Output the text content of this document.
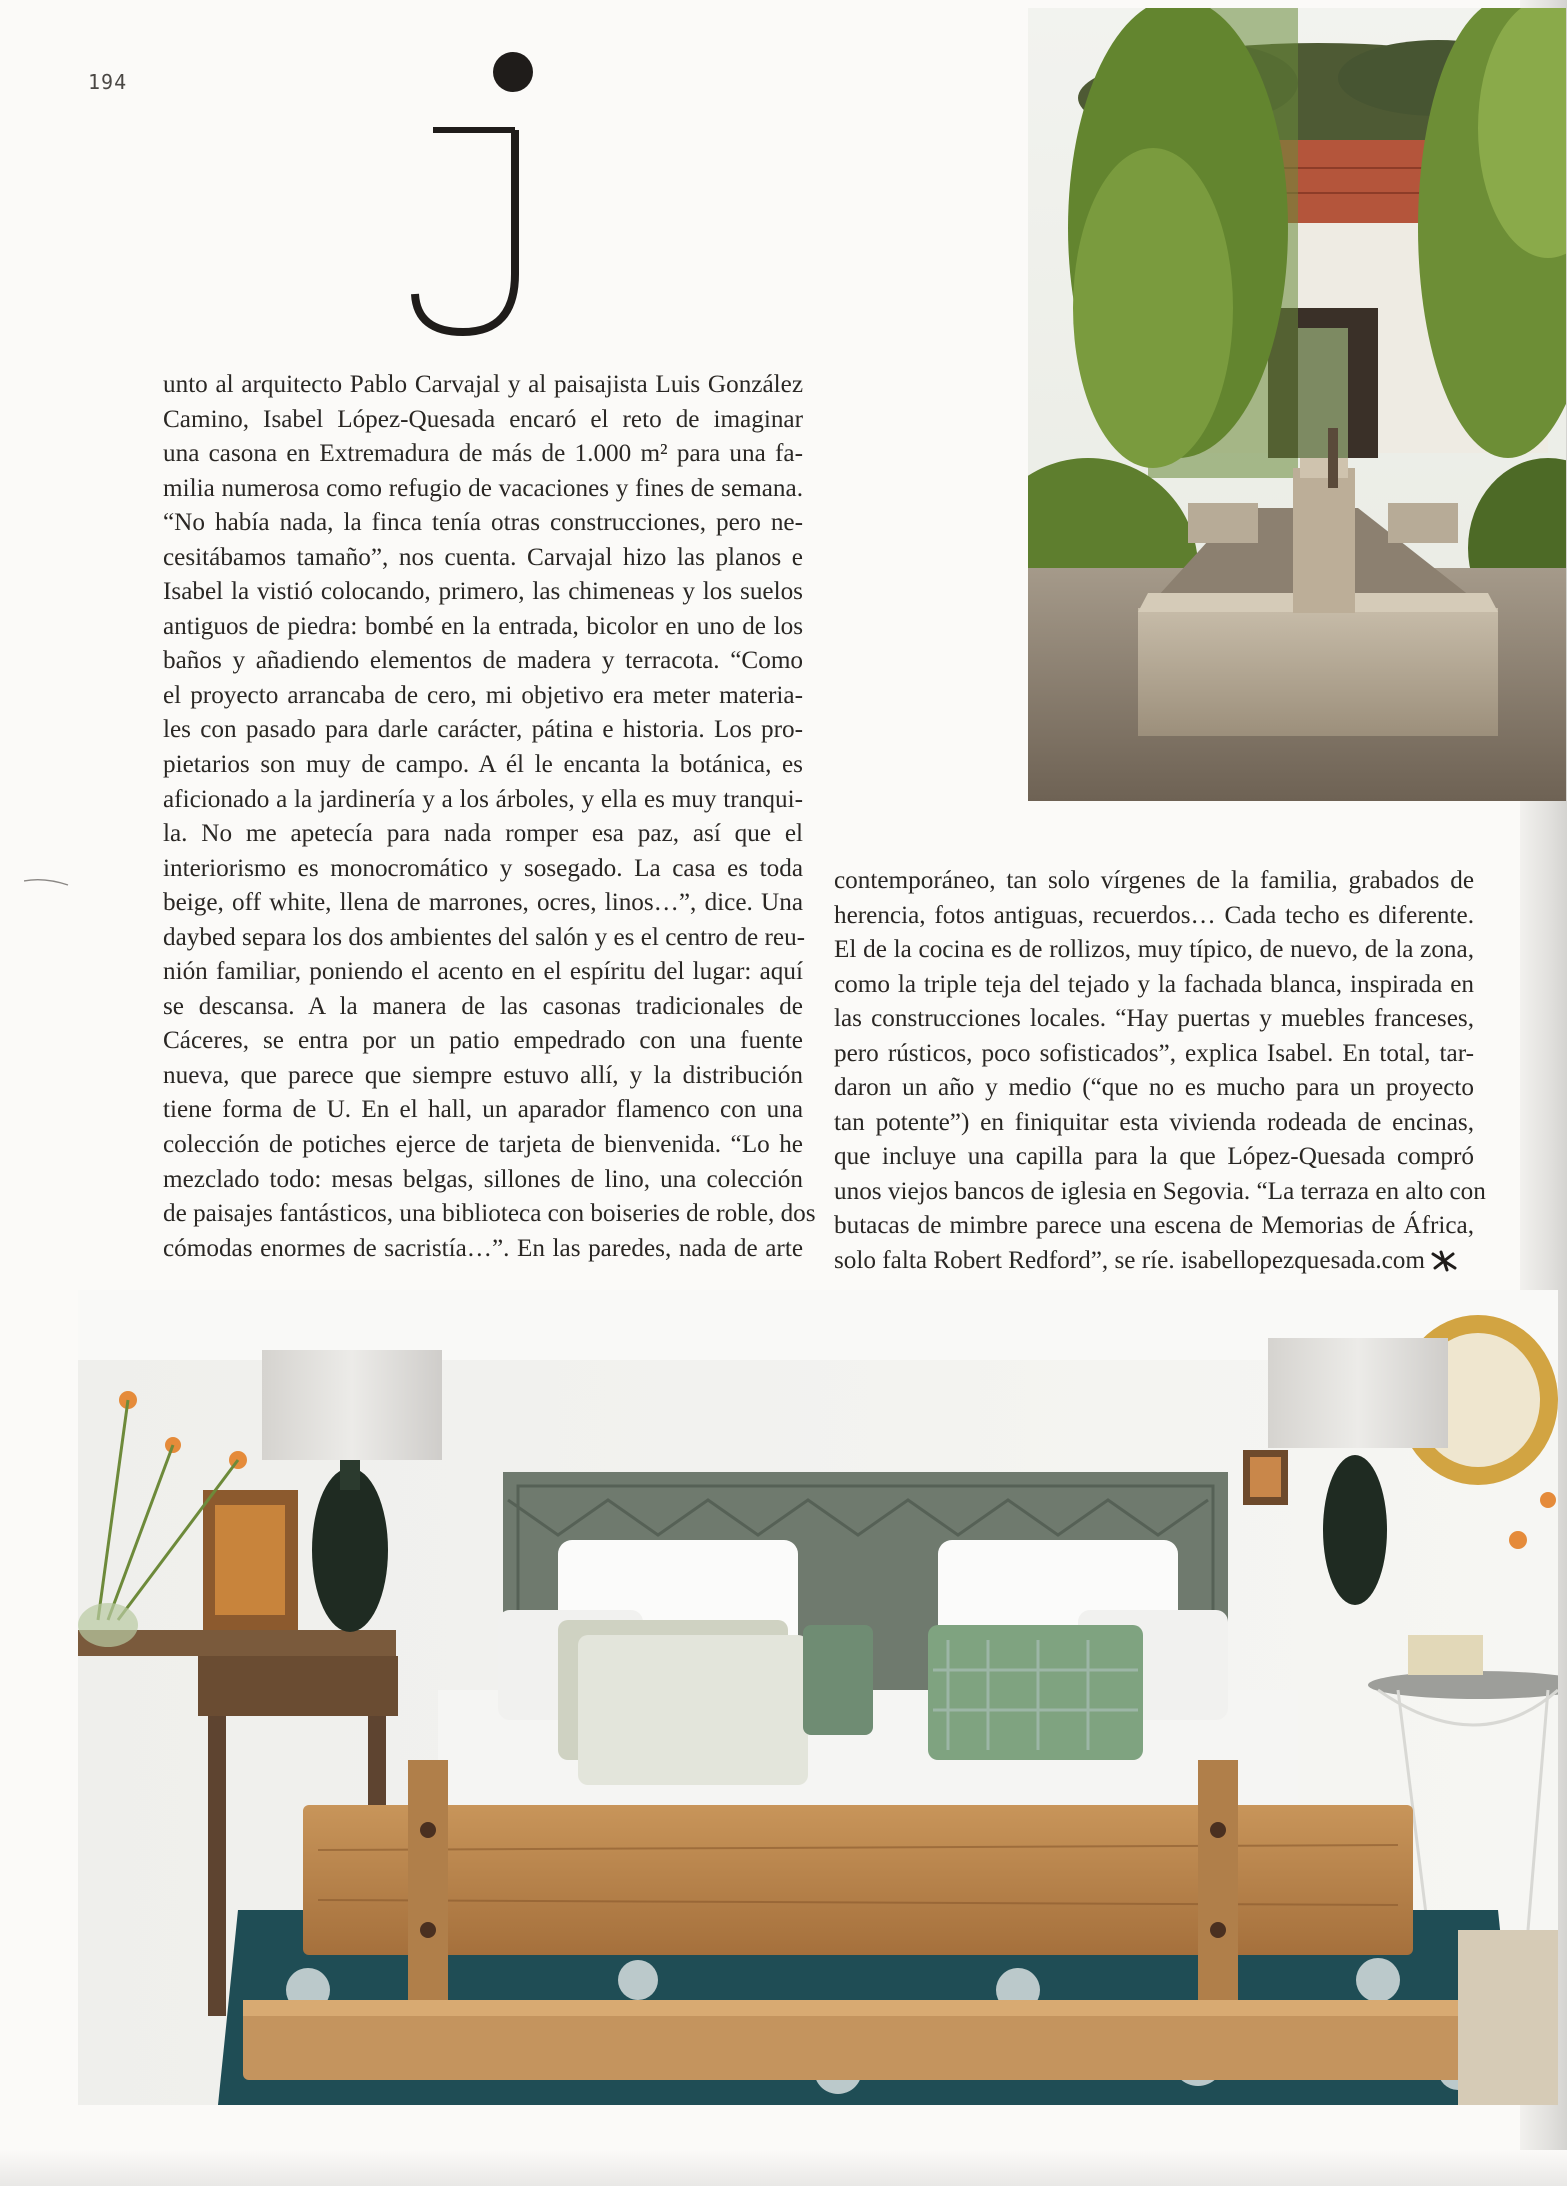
194
unto al arquitecto Pablo Carvajal y al paisajista Luis González
Camino, Isabel López-Quesada encaró el reto de imaginar
una casona en Extremadura de más de 1.000 m² para una fa-
milia numerosa como refugio de vacaciones y fines de semana.
“No había nada, la finca tenía otras construcciones, pero ne-
cesitábamos tamaño”, nos cuenta. Carvajal hizo las planos e
Isabel la vistió colocando, primero, las chimeneas y los suelos
antiguos de piedra: bombé en la entrada, bicolor en uno de los
baños y añadiendo elementos de madera y terracota. “Como
el proyecto arrancaba de cero, mi objetivo era meter materia-
les con pasado para darle carácter, pátina e historia. Los pro-
pietarios son muy de campo. A él le encanta la botánica, es
aficionado a la jardinería y a los árboles, y ella es muy tranqui-
la. No me apetecía para nada romper esa paz, así que el
interiorismo es monocromático y sosegado. La casa es toda
beige, off white, llena de marrones, ocres, linos…”, dice. Una
daybed separa los dos ambientes del salón y es el centro de reu-
nión familiar, poniendo el acento en el espíritu del lugar: aquí
se descansa. A la manera de las casonas tradicionales de
Cáceres, se entra por un patio empedrado con una fuente
nueva, que parece que siempre estuvo allí, y la distribución
tiene forma de U. En el hall, un aparador flamenco con una
colección de potiches ejerce de tarjeta de bienvenida. “Lo he
mezclado todo: mesas belgas, sillones de lino, una colección
de paisajes fantásticos, una biblioteca con boiseries de roble, dos
cómodas enormes de sacristía…”. En las paredes, nada de arte
contemporáneo, tan solo vírgenes de la familia, grabados de
herencia, fotos antiguas, recuerdos… Cada techo es diferente.
El de la cocina es de rollizos, muy típico, de nuevo, de la zona,
como la triple teja del tejado y la fachada blanca, inspirada en
las construcciones locales. “Hay puertas y muebles franceses,
pero rústicos, poco sofisticados”, explica Isabel. En total, tar-
daron un año y medio (“que no es mucho para un proyecto
tan potente”) en finiquitar esta vivienda rodeada de encinas,
que incluye una capilla para la que López-Quesada compró
unos viejos bancos de iglesia en Segovia. “La terraza en alto con
butacas de mimbre parece una escena de Memorias de África,
solo falta Robert Redford”, se ríe. isabellopezquesada.com
